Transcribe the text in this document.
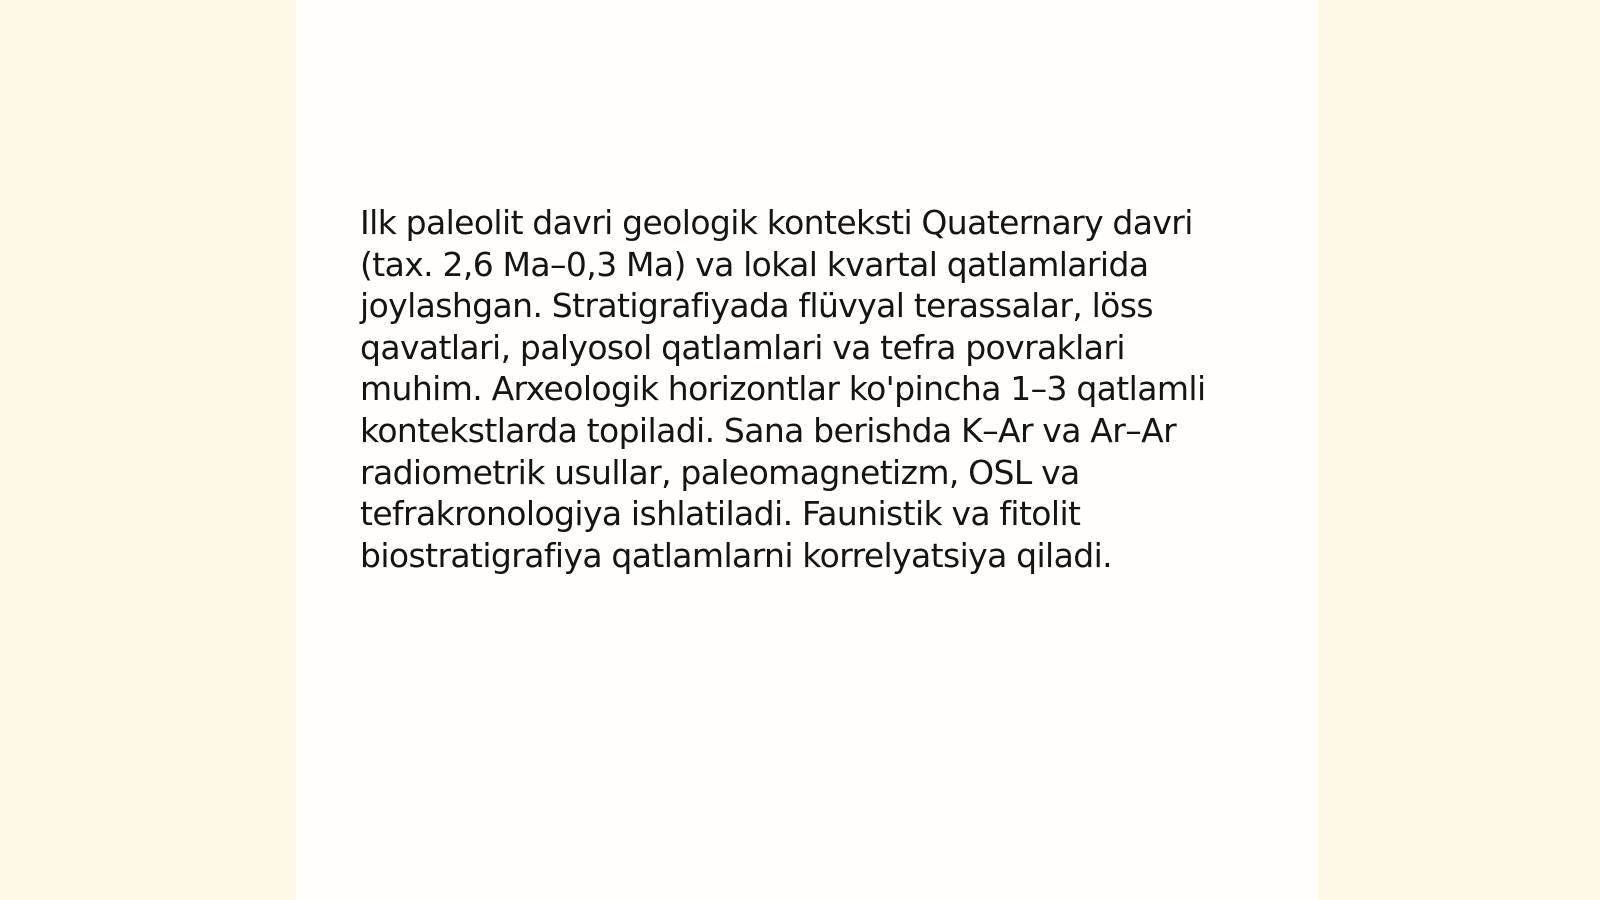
Ilk paleolit davri geologik konteksti Quaternary davri
(tax. 2,6 Ma–0,3 Ma) va lokal kvartal qatlamlarida
joylashgan. Stratigrafiyada flüvyal terassalar, löss
qavatlari, palyosol qatlamlari va tefra povraklari
muhim. Arxeologik horizontlar ko'pincha 1–3 qatlamli
kontekstlarda topiladi. Sana berishda K–Ar va Ar–Ar
radiometrik usullar, paleomagnetizm, OSL va
tefrakronologiya ishlatiladi. Faunistik va fitolit
biostratigrafiya qatlamlarni korrelyatsiya qiladi.
